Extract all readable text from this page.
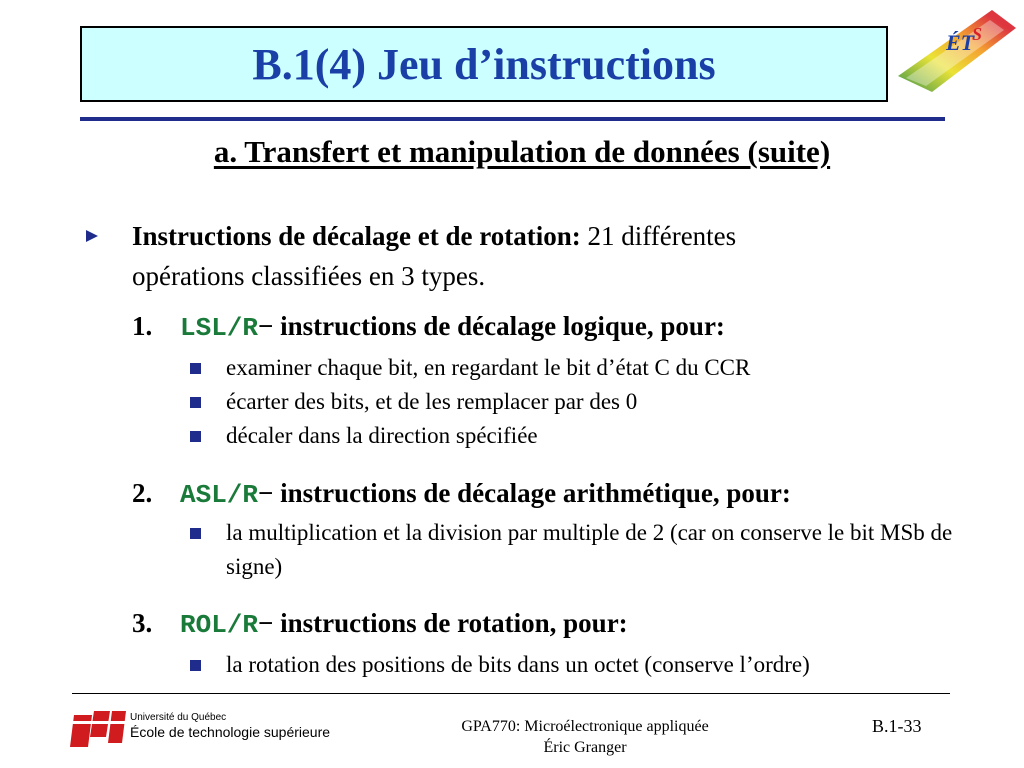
B.1(4) Jeu d’instructions	ÉT
S
a. Transfert et manipulation de données (suite)
Instructions de décalage et de rotation: 21 différentes
opérations classifiées en 3 types.
1. LSL/R− instructions de décalage logique, pour:
examiner chaque bit, en regardant le bit d’état C du CCR
écarter des bits, et de les remplacer par des 0
décaler dans la direction spécifiée
2. ASL/R− instructions de décalage arithmétique, pour:
la multiplication et la division par multiple de 2 (car on conserve le bit MSb de signe)
3. ROL/R− instructions de rotation, pour:
la rotation des positions de bits dans un octet (conserve l’ordre)
Université du Québec
École de technologie supérieure	GPA770: Microélectronique appliquée
Éric Granger
B.1-33
